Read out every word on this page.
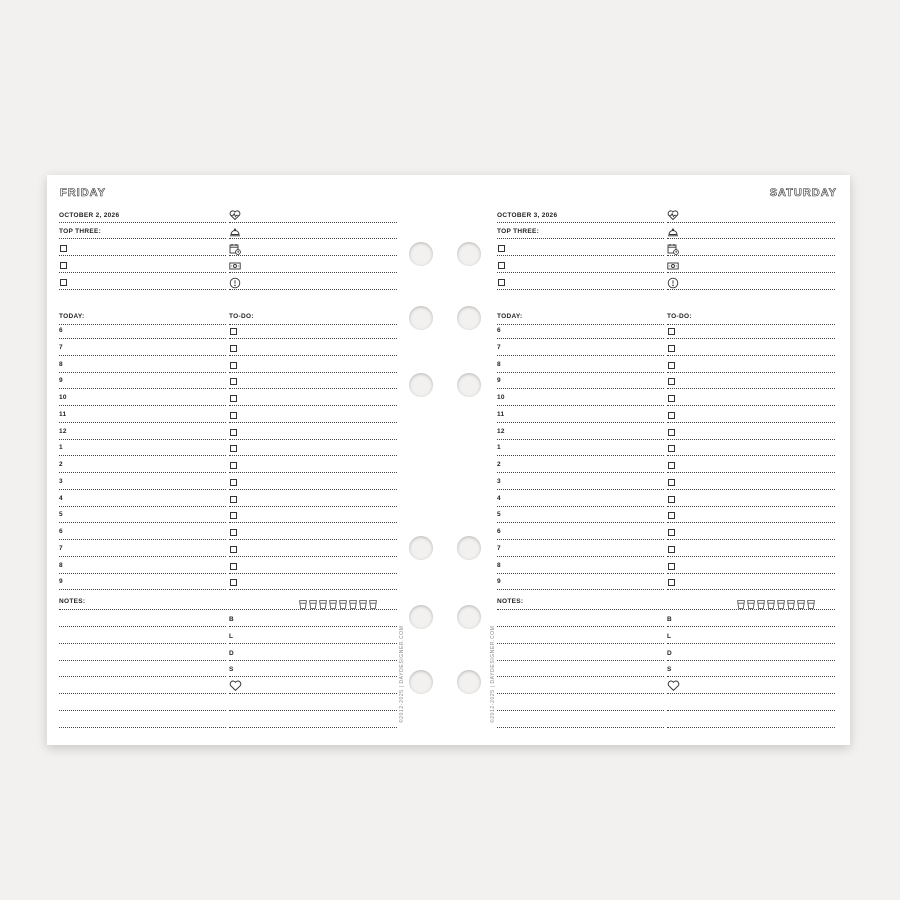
FRIDAY	SATURDAY
OCTOBER 2, 2026
TOP THREE:
TODAY:	TO-DO:
6
7
8
9
10
11
12
1
2
3
4
5
6
7
8
9
NOTES:
B
L
D
S	©2012-2025 | DAYDESIGNER.COM
OCTOBER 3, 2026
TOP THREE:
TODAY:	TO-DO:
6
7
8
9
10
11
12
1
2
3
4
5
6
7
8
9
NOTES:
B
L
D
S
©2012-2025 | DAYDESIGNER.COM
